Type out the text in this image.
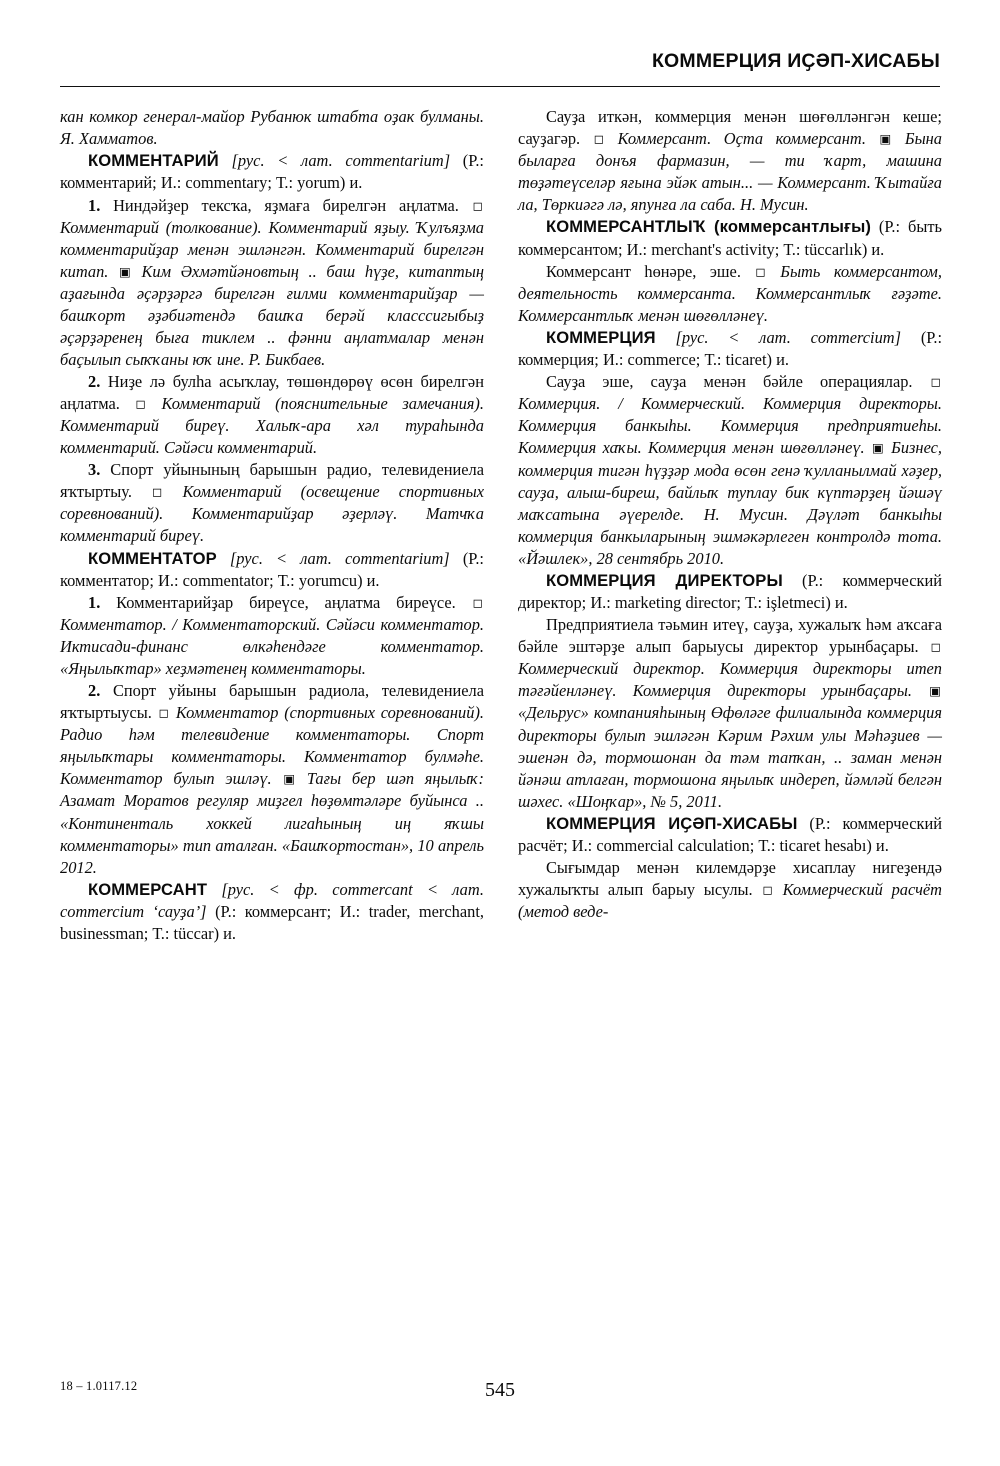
КОММЕРЦИЯ ИҪӘП-ХИСАБЫ

кан комкор генерал-майор Рубанюк штабта оҙак булманы. Я. Хамматов.

КОММЕНТАРИЙ [рус. < лат. commentarium] (Р.: комментарий; И.: commentary; Т.: yorum) и.

1. Ниндәйҙер тексҡа, яҙмаға бирелгән аңлатма. ◻ Комментарий (толкование). Комментарий яҙыу. Ҡулъяҙма комментарийҙар менән эшләнгән. Комментарий бирелгән китап. ▣ Ким Әхмәтйәновтың .. баш һүҙе, китаптың аҙағында әҫәрҙәргә бирелгән ғилми комментарийҙар — башҡорт әҙәбиәтендә башҡа берәй класссигыбыҙ әҫәрҙәренең быға тиклем .. фәнни аңлатмалар менән баҫылып сыҡҡаны юҡ ине. Р. Бикбаев.

2. Ниҙе лә булһа асыҡлау, төшөндөрөү өсөн бирелгән аңлатма. ◻ Комментарий (пояснительные замечания). Комментарий биреү. Халыҡ-ара хәл тураһында комментарий. Сәйәси комментарий.

3. Спорт уйынының барышын радио, телевидениела яҡтыртыу. ◻ Комментарий (освещение спортивных соревнований). Комментарийҙар әҙерләү. Матчҡа комментарий биреү.

КОММЕНТАТОР [рус. < лат. commentarium] (Р.: комментатор; И.: commentator; Т.: yorumcu) и.

1. Комментарийҙар биреүсе, аңлатма биреүсе. ◻ Комментатор. / Комментаторский. Сәйәси комментатор. Иктисади-финанс өлкәһендәге комментатор. «Яңылыҡтар» хеҙмәтенең комментаторы.

2. Спорт уйыны барышын радиола, телевидениела яҡтыртыусы. ◻ Комментатор (спортивных соревнований). Радио һәм телевидение комментаторы. Спорт яңылыҡтары комментаторы. Комментатор булмәһе. Комментатор булып эшләү. ▣ Тағы бер шәп яңылыҡ: Азамат Моратов регуляр миҙгел һөҙөмтәләре буйынса .. «Континенталь хоккей лигаһының иң яҡшы комментаторы» тип аталған. «Башҡортостан», 10 апрель 2012.

КОММЕРСАНТ [рус. < фр. commercant < лат. commercium ‘сауҙа’] (Р.: коммерсант; И.: trader, merchant, businessman; Т.: tüccar) и.

Сауҙа иткән, коммерция менән шөғөлләнгән кеше; сауҙагәр. ◻ Коммерсант. Оҫта коммерсант. ▣ Бына быларға донъя фармазин, — ти ҡарт, машина төҙәтеүселәр яғына эйәк атын... — Коммерсант. Ҡытайға ла, Төркиәгә лә, япунға ла саба. Н. Мусин.

КОММЕРСАНТЛЫҠ (коммерсантлығы) (Р.: быть коммерсантом; И.: merchant's activity; Т.: tüccarlık) и.

Коммерсант һөнәре, эше. ◻ Быть коммерсантом, деятельность коммерсанта. Коммерсантлыҡ ғәҙәте. Коммерсантлыҡ менән шөғөлләнеү.

КОММЕРЦИЯ [рус. < лат. commercium] (Р.: коммерция; И.: commerce; Т.: ticaret) и.

Сауҙа эше, сауҙа менән бәйле операциялар. ◻ Коммерция. / Коммерческий. Коммерция директоры. Коммерция банкыһы. Коммерция предприятиеһы. Коммерция хаҡы. Коммерция менән шөғөлләнеү. ▣ Бизнес, коммерция тигән һүҙҙәр мода өсөн генә ҡулланылмай хәҙер, сауҙа, алыш-биреш, байлыҡ туплау бик күптәрҙең йәшәү маҡсатына әүерелде. Н. Мусин. Дәүләт банкыһы коммерция банкыларының эшмәкәрлеген контролдә тота. «Йәшлек», 28 сентябрь 2010.

КОММЕРЦИЯ ДИРЕКТОРЫ (Р.: коммерческий директор; И.: marketing director; Т.: işletmeci) и.

Предприятиела тәьмин итеү, сауҙа, хужалыҡ һәм аҡсаға бәйле эштәрҙе алып барыусы директор урынбаҫары. ◻ Коммерческий директор. Коммерция директоры итеп тәғәйенләнеү. Коммерция директоры урынбаҫары. ▣ «Дельрус» компанияһының Өфөләге филиалында коммерция директоры булып эшләгән Кәрим Рәхим улы Мәһәҙиев — эшенән дә, тормошонан да тәм тапҡан, .. заман менән йәнәш атлаған, тормошона яңылыҡ индереп, йәмләй белгән шәхес. «Шоңҡар», № 5, 2011.

КОММЕРЦИЯ ИҪӘП-ХИСАБЫ (Р.: коммерческий расчёт; И.: commercial calculation; Т.: ticaret hesabı) и.

Сығымдар менән килемдәрҙе хисаплау нигеҙендә хужалыҡты алып барыу ысулы. ◻ Коммерческий расчёт (метод веде-

18 – 1.0117.12	545
